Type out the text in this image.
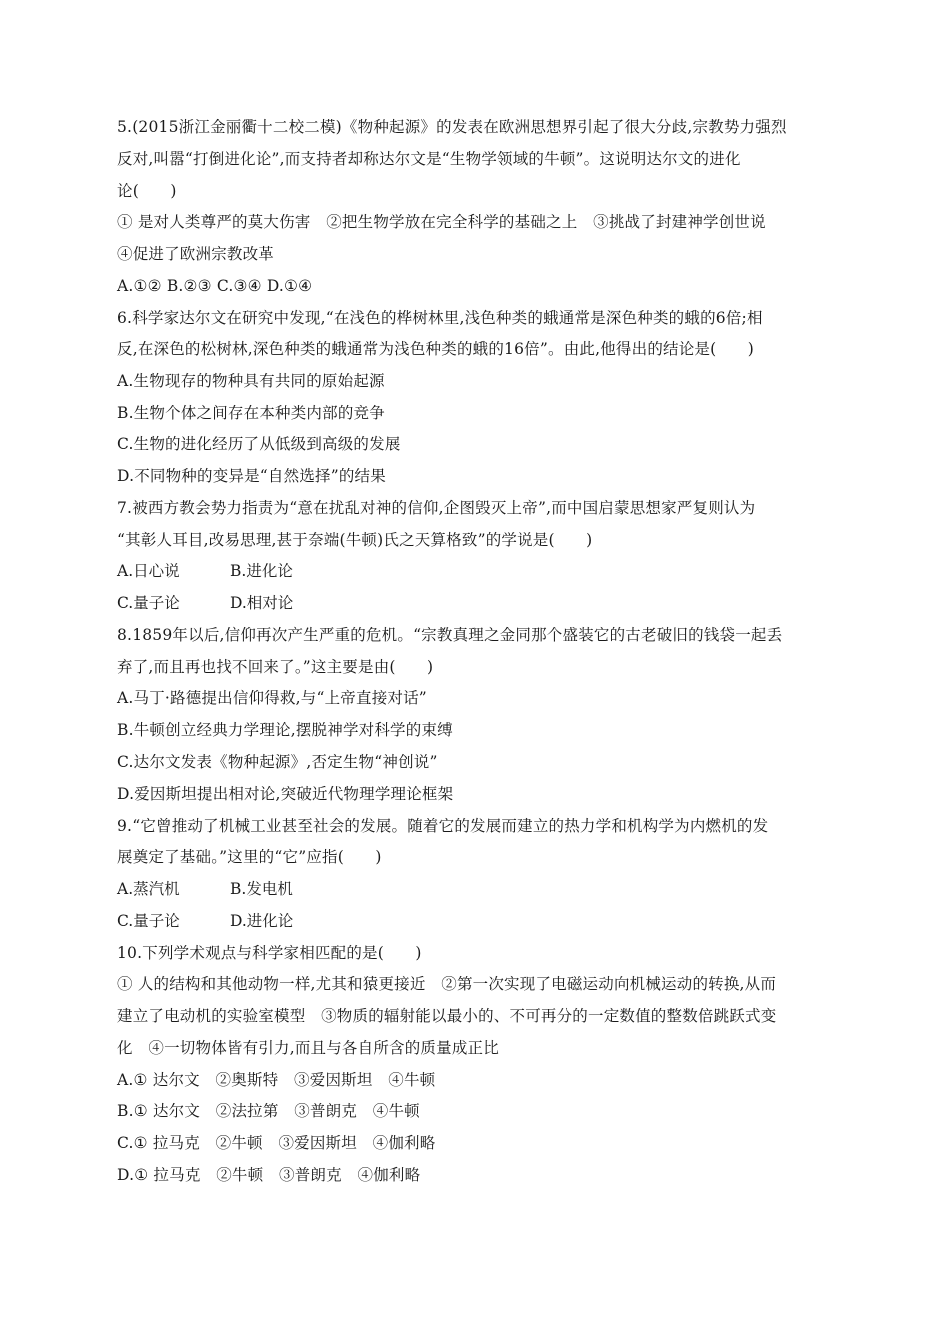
5.(2015浙江金丽衢十二校二模)《物种起源》的发表在欧洲思想界引起了很大分歧,宗教势力强烈
反对,叫嚣“打倒进化论”,而支持者却称达尔文是“生物学领域的牛顿”。这说明达尔文的进化
论(　　)
① 是对人类尊严的莫大伤害　②把生物学放在完全科学的基础之上　③挑战了封建神学创世说
④促进了欧洲宗教改革
A.①② B.②③ C.③④ D.①④
6.科学家达尔文在研究中发现,“在浅色的桦树林里,浅色种类的蛾通常是深色种类的蛾的6倍;相
反,在深色的松树林,深色种类的蛾通常为浅色种类的蛾的16倍”。由此,他得出的结论是(　　)
A.生物现存的物种具有共同的原始起源
B.生物个体之间存在本种类内部的竞争
C.生物的进化经历了从低级到高级的发展
D.不同物种的变异是“自然选择”的结果
7.被西方教会势力指责为“意在扰乱对神的信仰,企图毁灭上帝”,而中国启蒙思想家严复则认为
“其彰人耳目,改易思理,甚于奈端(牛顿)氏之天算格致”的学说是(　　)
A.日心说	B.进化论
C.量子论	D.相对论
8.1859年以后,信仰再次产生严重的危机。“宗教真理之金同那个盛装它的古老破旧的钱袋一起丢
弃了,而且再也找不回来了。”这主要是由(　　)
A.马丁·路德提出信仰得救,与“上帝直接对话”
B.牛顿创立经典力学理论,摆脱神学对科学的束缚
C.达尔文发表《物种起源》,否定生物“神创说”
D.爱因斯坦提出相对论,突破近代物理学理论框架
9.“它曾推动了机械工业甚至社会的发展。随着它的发展而建立的热力学和机构学为内燃机的发
展奠定了基础。”这里的“它”应指(　　)
A.蒸汽机	B.发电机
C.量子论	D.进化论
10.下列学术观点与科学家相匹配的是(　　)
① 人的结构和其他动物一样,尤其和猿更接近　②第一次实现了电磁运动向机械运动的转换,从而
建立了电动机的实验室模型　③物质的辐射能以最小的、不可再分的一定数值的整数倍跳跃式变
化　④一切物体皆有引力,而且与各自所含的质量成正比
A.① 达尔文　②奥斯特　③爱因斯坦　④牛顿
B.① 达尔文　②法拉第　③普朗克　④牛顿
C.① 拉马克　②牛顿　③爱因斯坦　④伽利略
D.① 拉马克　②牛顿　③普朗克　④伽利略
